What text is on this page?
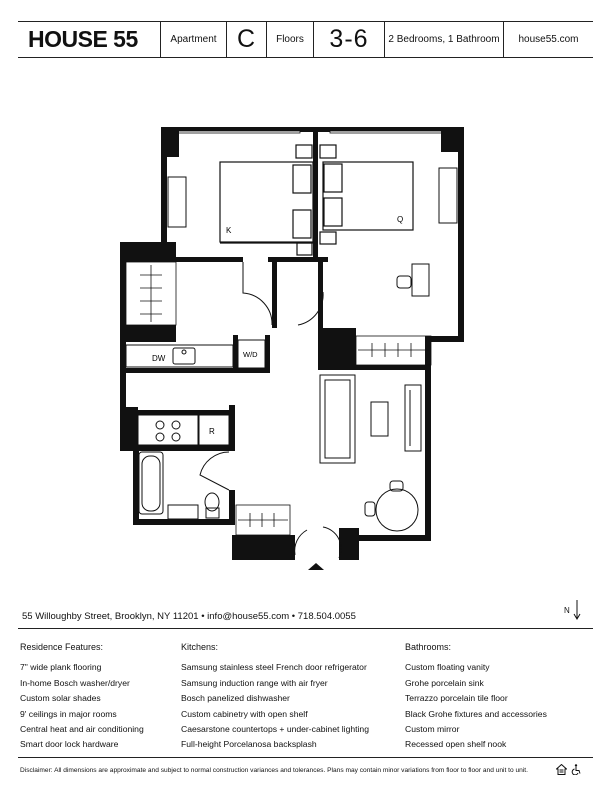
HOUSE 55	Apartment C	Floors	3-6	2 Bedrooms, 1 Bathroom	house55.com
K
Q
DW	W/D
R
55 Willoughby Street, Brooklyn, NY 11201 • info@house55.com • 718.504.0055
N
Residence Features:
7" wide plank flooring
In-home Bosch washer/dryer
Custom solar shades
9' ceilings in major rooms
Central heat and air conditioning
Smart door lock hardware
Kitchens:
Samsung stainless steel French door refrigerator
Samsung induction range with air fryer
Bosch panelized dishwasher
Custom cabinetry with open shelf
Caesarstone countertops + under-cabinet lighting
Full-height Porcelanosa backsplash
Bathrooms:
Custom floating vanity
Grohe porcelain sink
Terrazzo porcelain tile floor
Black Grohe fixtures and accessories
Custom mirror
Recessed open shelf nook
Disclaimer: All dimensions are approximate and subject to normal construction variances and tolerances. Plans may contain minor variations from floor to floor and unit to unit.
